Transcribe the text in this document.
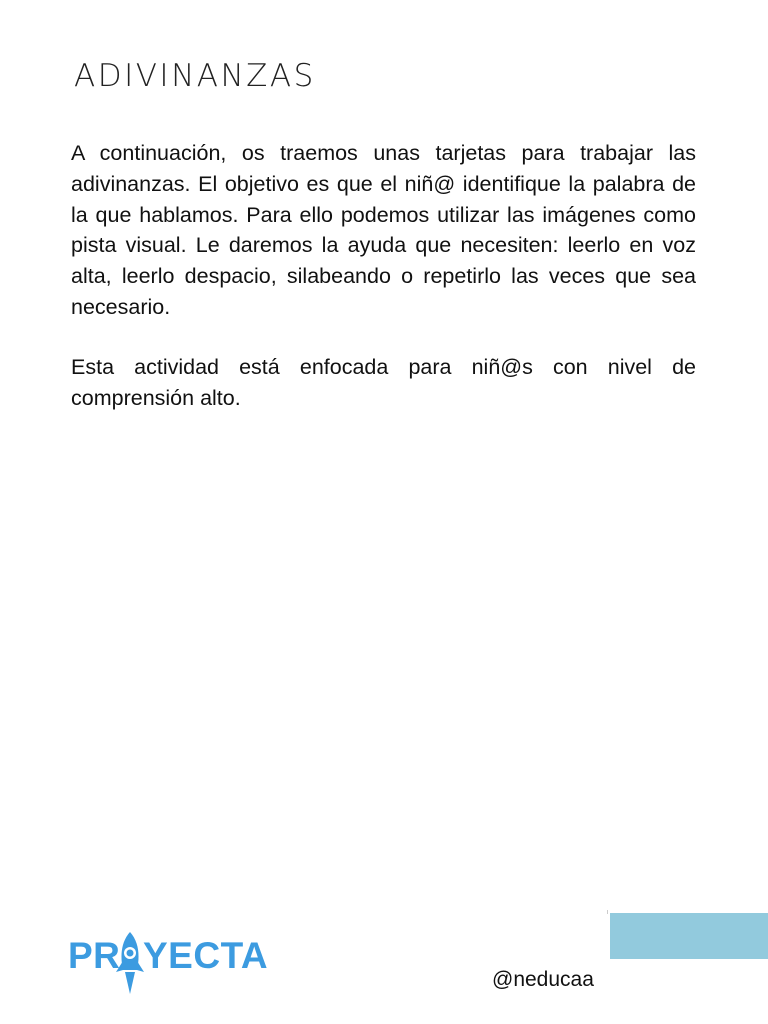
ADIVINANZAS

A continuación, os traemos unas tarjetas para trabajar las adivinanzas. El objetivo es que el niñ@ identifique la palabra de la que hablamos. Para ello podemos utilizar las imágenes como pista visual. Le daremos la ayuda que necesiten: leerlo en voz alta, leerlo despacio, silabeando o repetirlo las veces que sea necesario.

Esta actividad está enfocada para niñ@s con nivel de comprensión alto.

PR YECTA
@neducaa
